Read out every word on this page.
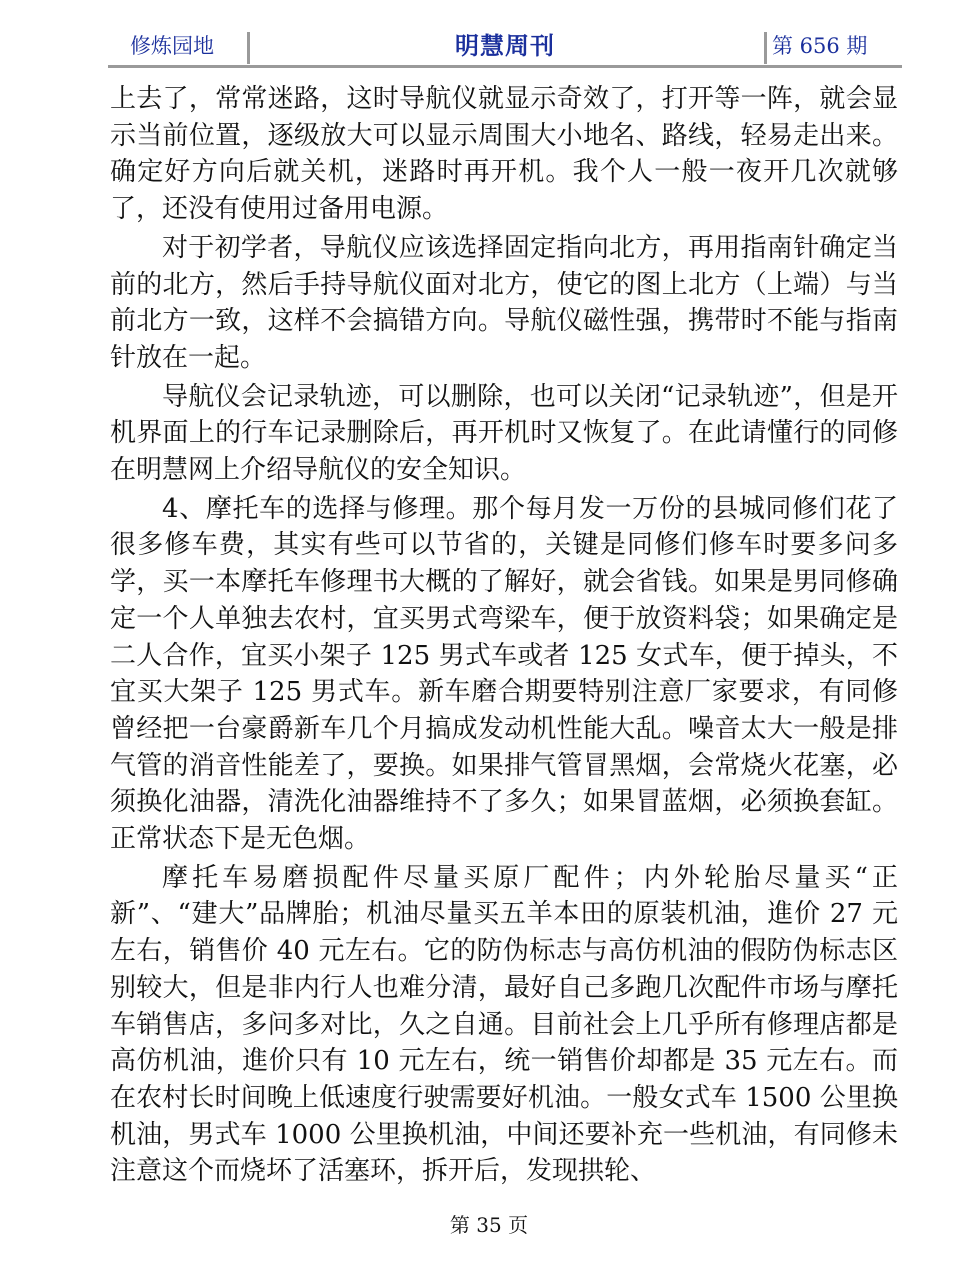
修炼园地	明慧周刊	第 656 期

上去了，常常迷路，这时导航仪就显示奇效了，打开等一阵，就会显示当前位置，逐级放大可以显示周围大小地名、路线，轻易走出来。确定好方向后就关机，迷路时再开机。我个人一般一夜开几次就够了，还没有使用过备用电源。

对于初学者，导航仪应该选择固定指向北方，再用指南针确定当前的北方，然后手持导航仪面对北方，使它的图上北方（上端）与当前北方一致，这样不会搞错方向。导航仪磁性强，携带时不能与指南针放在一起。

导航仪会记录轨迹，可以删除，也可以关闭“记录轨迹”，但是开机界面上的行车记录删除后，再开机时又恢复了。在此请懂行的同修在明慧网上介绍导航仪的安全知识。

4、摩托车的选择与修理。那个每月发一万份的县城同修们花了很多修车费，其实有些可以节省的，关键是同修们修车时要多问多学，买一本摩托车修理书大概的了解好，就会省钱。如果是男同修确定一个人单独去农村，宜买男式弯梁车，便于放资料袋；如果确定是二人合作，宜买小架子 125 男式车或者 125 女式车，便于掉头，不宜买大架子 125 男式车。新车磨合期要特别注意厂家要求，有同修曾经把一台豪爵新车几个月搞成发动机性能大乱。噪音太大一般是排气管的消音性能差了，要换。如果排气管冒黑烟，会常烧火花塞，必须换化油器，清洗化油器维持不了多久；如果冒蓝烟，必须换套缸。正常状态下是无色烟。

摩托车易磨损配件尽量买原厂配件；内外轮胎尽量买“正新”、“建大”品牌胎；机油尽量买五羊本田的原装机油，進价 27 元左右，销售价 40 元左右。它的防伪标志与高仿机油的假防伪标志区别较大，但是非内行人也难分清，最好自己多跑几次配件市场与摩托车销售店，多问多对比，久之自通。目前社会上几乎所有修理店都是高仿机油，進价只有 10 元左右，统一销售价却都是 35 元左右。而在农村长时间晚上低速度行驶需要好机油。一般女式车 1500 公里换机油，男式车 1000 公里换机油，中间还要补充一些机油，有同修未注意这个而烧坏了活塞环，拆开后，发现拱轮、

第 35 页
